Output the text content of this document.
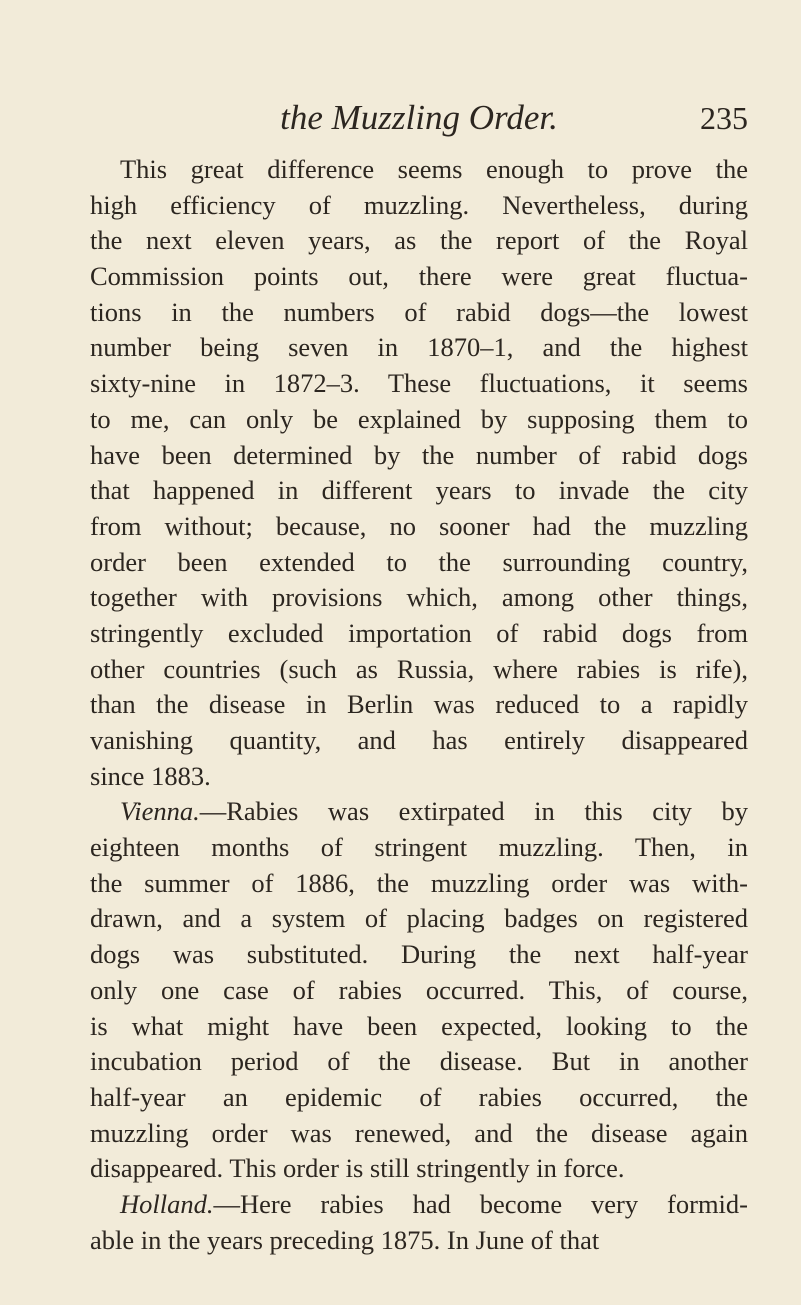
the Muzzling Order.	235
This great difference seems enough to prove the
high efficiency of muzzling. Nevertheless, during
the next eleven years, as the report of the Royal
Commission points out, there were great fluctua-
tions in the numbers of rabid dogs—the lowest
number being seven in 1870–1, and the highest
sixty-nine in 1872–3. These fluctuations, it seems
to me, can only be explained by supposing them to
have been determined by the number of rabid dogs
that happened in different years to invade the city
from without; because, no sooner had the muzzling
order been extended to the surrounding country,
together with provisions which, among other things,
stringently excluded importation of rabid dogs from
other countries (such as Russia, where rabies is rife),
than the disease in Berlin was reduced to a rapidly
vanishing quantity, and has entirely disappeared
since 1883.
Vienna.—Rabies was extirpated in this city by
eighteen months of stringent muzzling. Then, in
the summer of 1886, the muzzling order was with-
drawn, and a system of placing badges on registered
dogs was substituted. During the next half-year
only one case of rabies occurred. This, of course,
is what might have been expected, looking to the
incubation period of the disease. But in another
half-year an epidemic of rabies occurred, the
muzzling order was renewed, and the disease again
disappeared. This order is still stringently in force.
Holland.—Here rabies had become very formid-
able in the years preceding 1875. In June of that
